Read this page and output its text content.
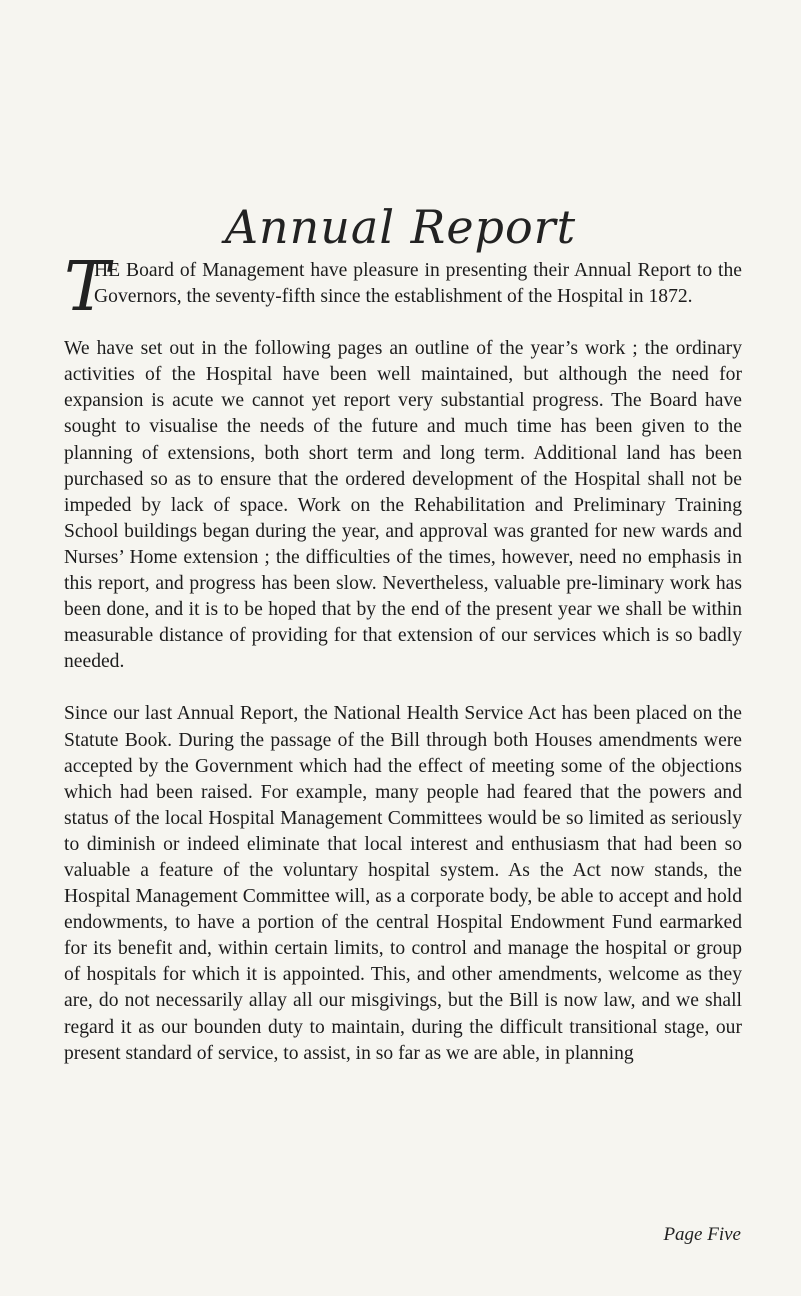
Annual Report

T
HE Board of Management have pleasure in presenting their Annual Report to the Governors, the seventy-fifth since the establishment of the Hospital in 1872.

We have set out in the following pages an outline of the year’s work ; the ordinary activities of the Hospital have been well maintained, but although the need for expansion is acute we cannot yet report very substantial progress. The Board have sought to visualise the needs of the future and much time has been given to the planning of extensions, both short term and long term. Additional land has been purchased so as to ensure that the ordered development of the Hospital shall not be impeded by lack of space. Work on the Rehabilitation and Preliminary Training School buildings began during the year, and approval was granted for new wards and Nurses’ Home extension ; the difficulties of the times, however, need no emphasis in this report, and progress has been slow. Nevertheless, valuable pre-liminary work has been done, and it is to be hoped that by the end of the present year we shall be within measurable distance of providing for that extension of our services which is so badly needed.

Since our last Annual Report, the National Health Service Act has been placed on the Statute Book. During the passage of the Bill through both Houses amendments were accepted by the Government which had the effect of meeting some of the objections which had been raised. For example, many people had feared that the powers and status of the local Hospital Management Committees would be so limited as seriously to diminish or indeed eliminate that local interest and enthusiasm that had been so valuable a feature of the voluntary hospital system. As the Act now stands, the Hospital Management Committee will, as a corporate body, be able to accept and hold endowments, to have a portion of the central Hospital Endowment Fund earmarked for its benefit and, within certain limits, to control and manage the hospital or group of hospitals for which it is appointed. This, and other amendments, welcome as they are, do not necessarily allay all our misgivings, but the Bill is now law, and we shall regard it as our bounden duty to maintain, during the difficult transitional stage, our present standard of service, to assist, in so far as we are able, in planning

Page Five
